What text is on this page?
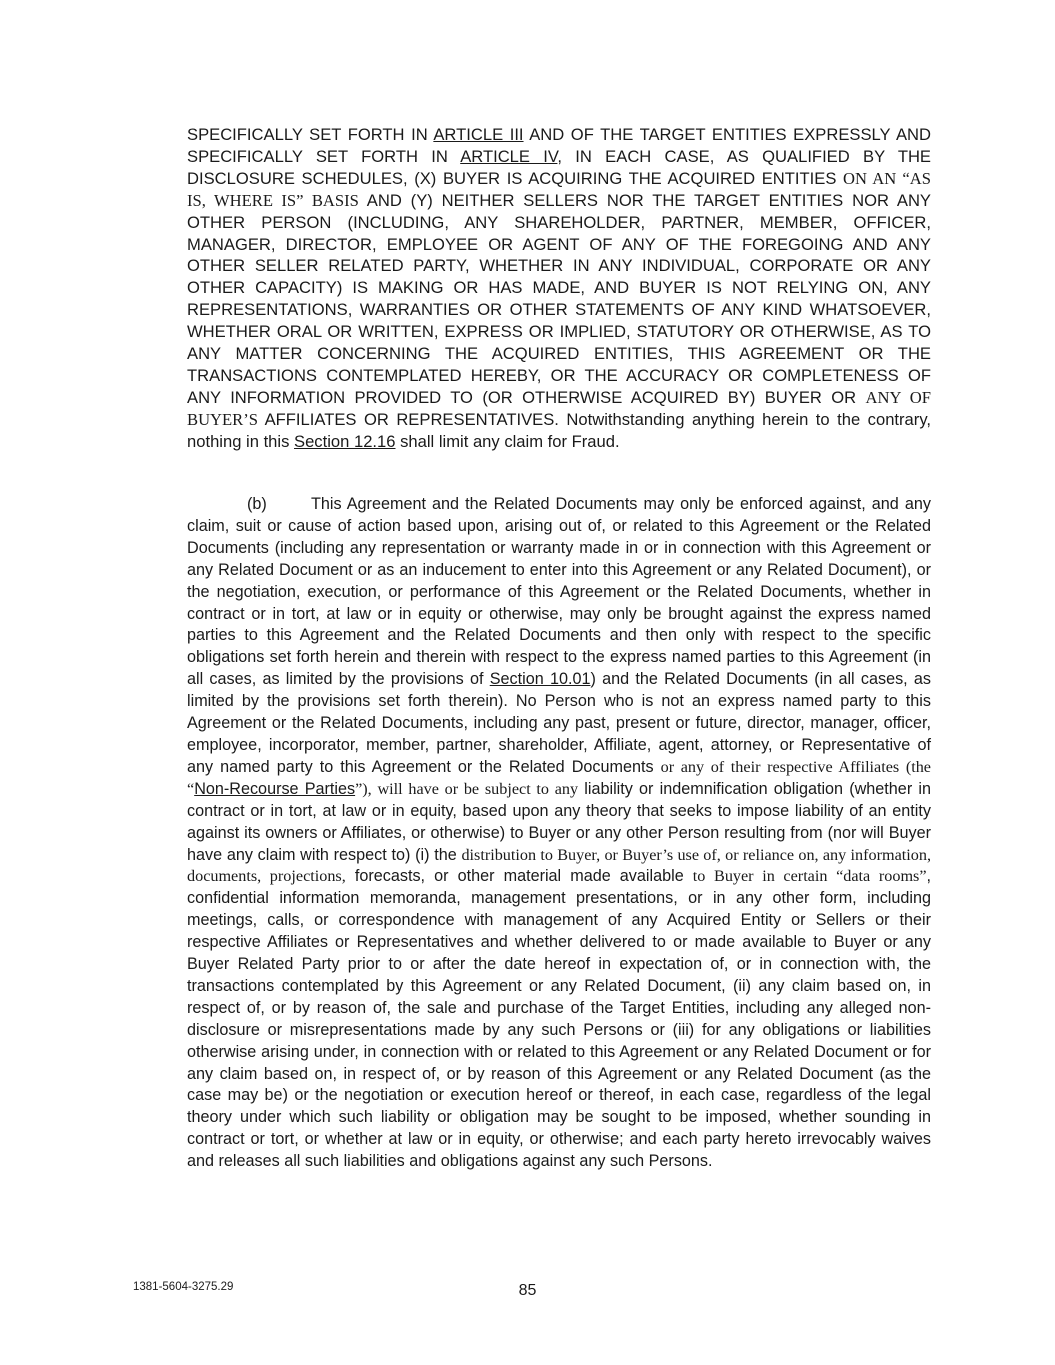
SPECIFICALLY SET FORTH IN ARTICLE III AND OF THE TARGET ENTITIES EXPRESSLY AND SPECIFICALLY SET FORTH IN ARTICLE IV, IN EACH CASE, AS QUALIFIED BY THE DISCLOSURE SCHEDULES, (X) BUYER IS ACQUIRING THE ACQUIRED ENTITIES ON AN “AS IS, WHERE IS” BASIS AND (Y) NEITHER SELLERS NOR THE TARGET ENTITIES NOR ANY OTHER PERSON (INCLUDING, ANY SHAREHOLDER, PARTNER, MEMBER, OFFICER, MANAGER, DIRECTOR, EMPLOYEE OR AGENT OF ANY OF THE FOREGOING AND ANY OTHER SELLER RELATED PARTY, WHETHER IN ANY INDIVIDUAL, CORPORATE OR ANY OTHER CAPACITY) IS MAKING OR HAS MADE, AND BUYER IS NOT RELYING ON, ANY REPRESENTATIONS, WARRANTIES OR OTHER STATEMENTS OF ANY KIND WHATSOEVER, WHETHER ORAL OR WRITTEN, EXPRESS OR IMPLIED, STATUTORY OR OTHERWISE, AS TO ANY MATTER CONCERNING THE ACQUIRED ENTITIES, THIS AGREEMENT OR THE TRANSACTIONS CONTEMPLATED HEREBY, OR THE ACCURACY OR COMPLETENESS OF ANY INFORMATION PROVIDED TO (OR OTHERWISE ACQUIRED BY) BUYER OR ANY OF BUYER’S AFFILIATES OR REPRESENTATIVES. Notwithstanding anything herein to the contrary, nothing in this Section 12.16 shall limit any claim for Fraud.

(b)	This Agreement and the Related Documents may only be enforced against, and any claim, suit or cause of action based upon, arising out of, or related to this Agreement or the Related Documents (including any representation or warranty made in or in connection with this Agreement or any Related Document or as an inducement to enter into this Agreement or any Related Document), or the negotiation, execution, or performance of this Agreement or the Related Documents, whether in contract or in tort, at law or in equity or otherwise, may only be brought against the express named parties to this Agreement and the Related Documents and then only with respect to the specific obligations set forth herein and therein with respect to the express named parties to this Agreement (in all cases, as limited by the provisions of Section 10.01) and the Related Documents (in all cases, as limited by the provisions set forth therein). No Person who is not an express named party to this Agreement or the Related Documents, including any past, present or future, director, manager, officer, employee, incorporator, member, partner, shareholder, Affiliate, agent, attorney, or Representative of any named party to this Agreement or the Related Documents or any of their respective Affiliates (the “Non-Recourse Parties”), will have or be subject to any liability or indemnification obligation (whether in contract or in tort, at law or in equity, based upon any theory that seeks to impose liability of an entity against its owners or Affiliates, or otherwise) to Buyer or any other Person resulting from (nor will Buyer have any claim with respect to) (i) the distribution to Buyer, or Buyer’s use of, or reliance on, any information, documents, projections, forecasts, or other material made available to Buyer in certain “data rooms”, confidential information memoranda, management presentations, or in any other form, including meetings, calls, or correspondence with management of any Acquired Entity or Sellers or their respective Affiliates or Representatives and whether delivered to or made available to Buyer or any Buyer Related Party prior to or after the date hereof in expectation of, or in connection with, the transactions contemplated by this Agreement or any Related Document, (ii) any claim based on, in respect of, or by reason of, the sale and purchase of the Target Entities, including any alleged non-disclosure or misrepresentations made by any such Persons or (iii) for any obligations or liabilities otherwise arising under, in connection with or related to this Agreement or any Related Document or for any claim based on, in respect of, or by reason of this Agreement or any Related Document (as the case may be) or the negotiation or execution hereof or thereof, in each case, regardless of the legal theory under which such liability or obligation may be sought to be imposed, whether sounding in contract or tort, or whether at law or in equity, or otherwise; and each party hereto irrevocably waives and releases all such liabilities and obligations against any such Persons.

1381-5604-3275.29	85
